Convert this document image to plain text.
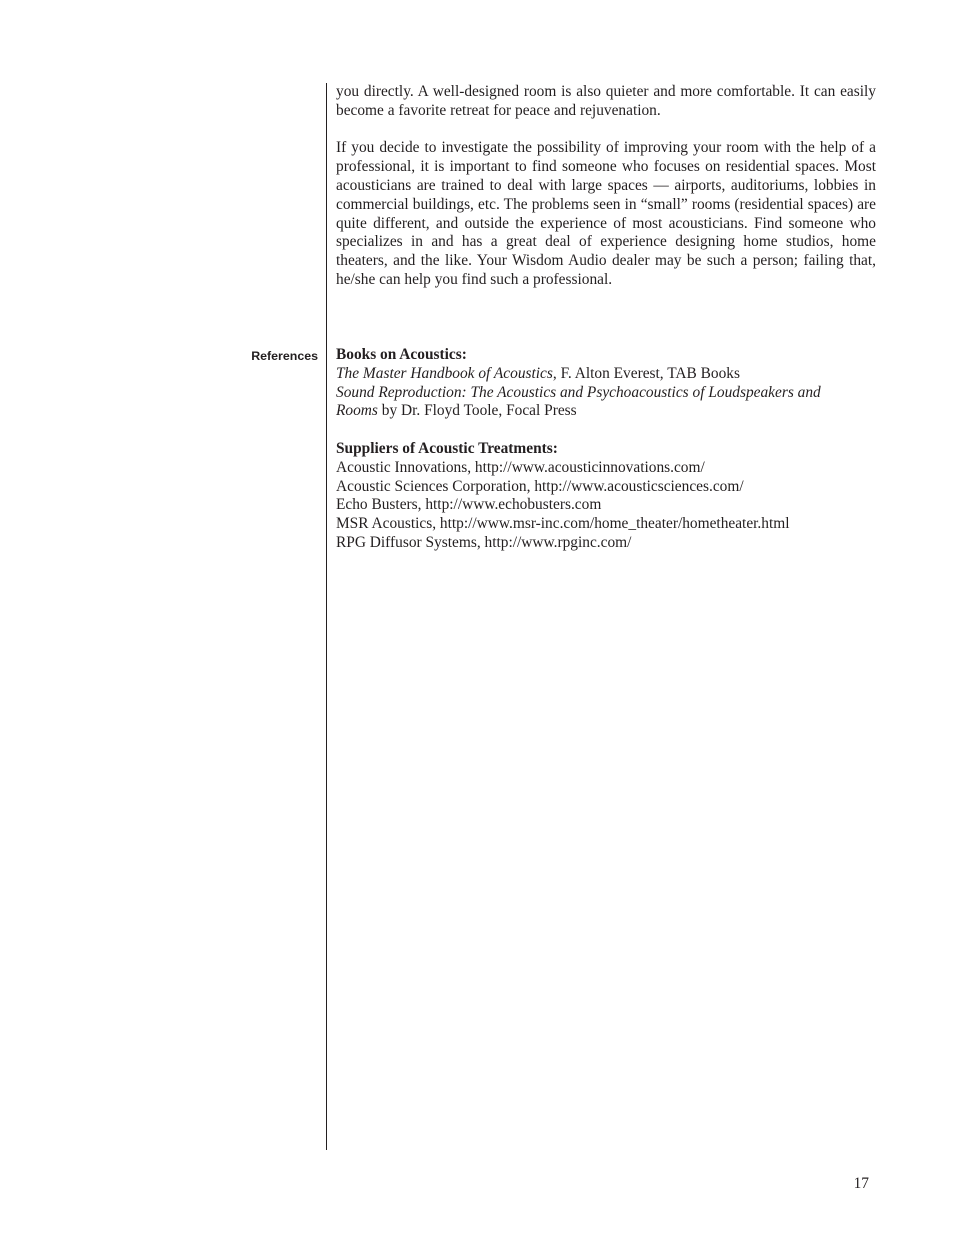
you directly. A well-designed room is also quieter and more comfortable. It can easily become a favorite retreat for peace and rejuvenation.

If you decide to investigate the possibility of improving your room with the help of a professional, it is important to find someone who focuses on residential spaces. Most acousticians are trained to deal with large spaces — airports, auditoriums, lobbies in commercial buildings, etc. The problems seen in “small” rooms (residential spaces) are quite different, and outside the experience of most acousticians. Find someone who specializes in and has a great deal of experience designing home studios, home theaters, and the like. Your Wisdom Audio dealer may be such a person; failing that, he/she can help you find such a professional.

References Books on Acoustics:
The Master Handbook of Acoustics, F. Alton Everest, TAB Books
Sound Reproduction: The Acoustics and Psychoacoustics of Loudspeakers and
Rooms by Dr. Floyd Toole, Focal Press
Suppliers of Acoustic Treatments:
Acoustic Innovations, http://www.acousticinnovations.com/
Acoustic Sciences Corporation, http://www.acousticsciences.com/
Echo Busters, http://www.echobusters.com
MSR Acoustics, http://www.msr-inc.com/home_theater/hometheater.html
RPG Diffusor Systems, http://www.rpginc.com/
17
